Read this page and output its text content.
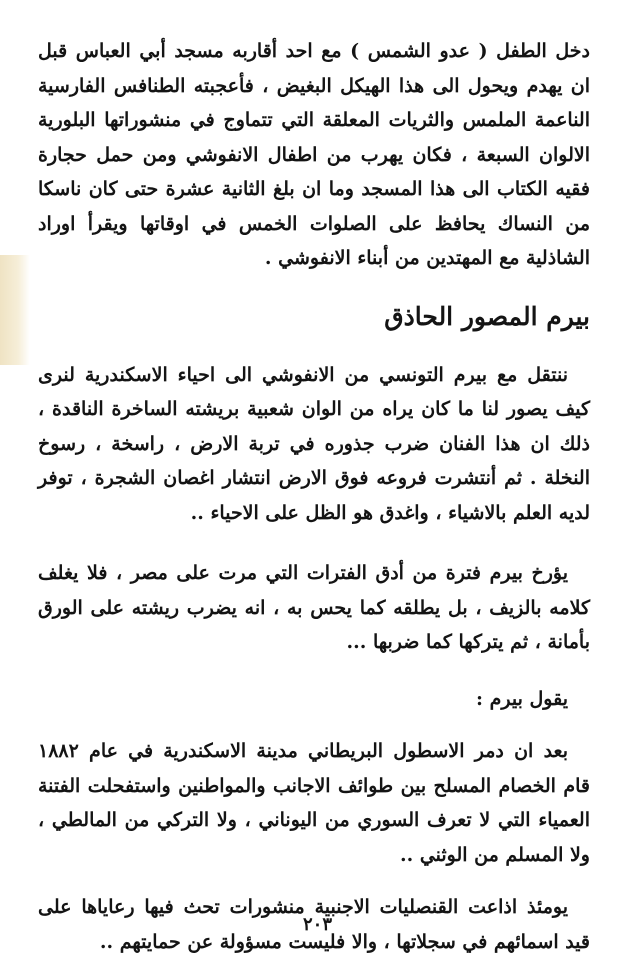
دخل الطفل ( عدو الشمس ) مع احد أقاربه مسجد أبي العباس قبل ان يهدم ويحول الى هذا الهيكل البغيض ، فأعجبته الطنافس الفارسية الناعمة الملمس والثريات المعلقة التي تتماوج في منشوراتها البلورية الالوان السبعة ، فكان يهرب من اطفال الانفوشي ومن حمل حجارة فقيه الكتاب الى هذا المسجد وما ان بلغ الثانية عشرة حتى كان ناسكا من النساك يحافظ على الصلوات الخمس في اوقاتها ويقرأ اوراد الشاذلية مع المهتدين من أبناء الانفوشي .

بيرم المصور الحاذق

ننتقل مع بيرم التونسي من الانفوشي الى احياء الاسكندرية لنرى كيف يصور لنا ما كان يراه من الوان شعبية بريشته الساخرة الناقدة ، ذلك ان هذا الفنان ضرب جذوره في تربة الارض ، راسخة ، رسوخ النخلة . ثم أنتشرت فروعه فوق الارض انتشار اغصان الشجرة ، توفر لديه العلم بالاشياء ، واغدق هو الظل على الاحياء ..

يؤرخ بيرم فترة من أدق الفترات التي مرت على مصر ، فلا يغلف كلامه بالزيف ، بل يطلقه كما يحس به ، انه يضرب ريشته على الورق بأمانة ، ثم يتركها كما ضربها ...

يقول بيرم :

بعد ان دمر الاسطول البريطاني مدينة الاسكندرية في عام ١٨٨٢ قام الخصام المسلح بين طوائف الاجانب والمواطنين واستفحلت الفتنة العمياء التي لا تعرف السوري من اليوناني ، ولا التركي من المالطي ، ولا المسلم من الوثني ..

يومئذ اذاعت القنصليات الاجنبية منشورات تحث فيها رعاياها على قيد اسمائهم في سجلاتها ، والا فليست مسؤولة عن حمايتهم ..

٢٠٣
